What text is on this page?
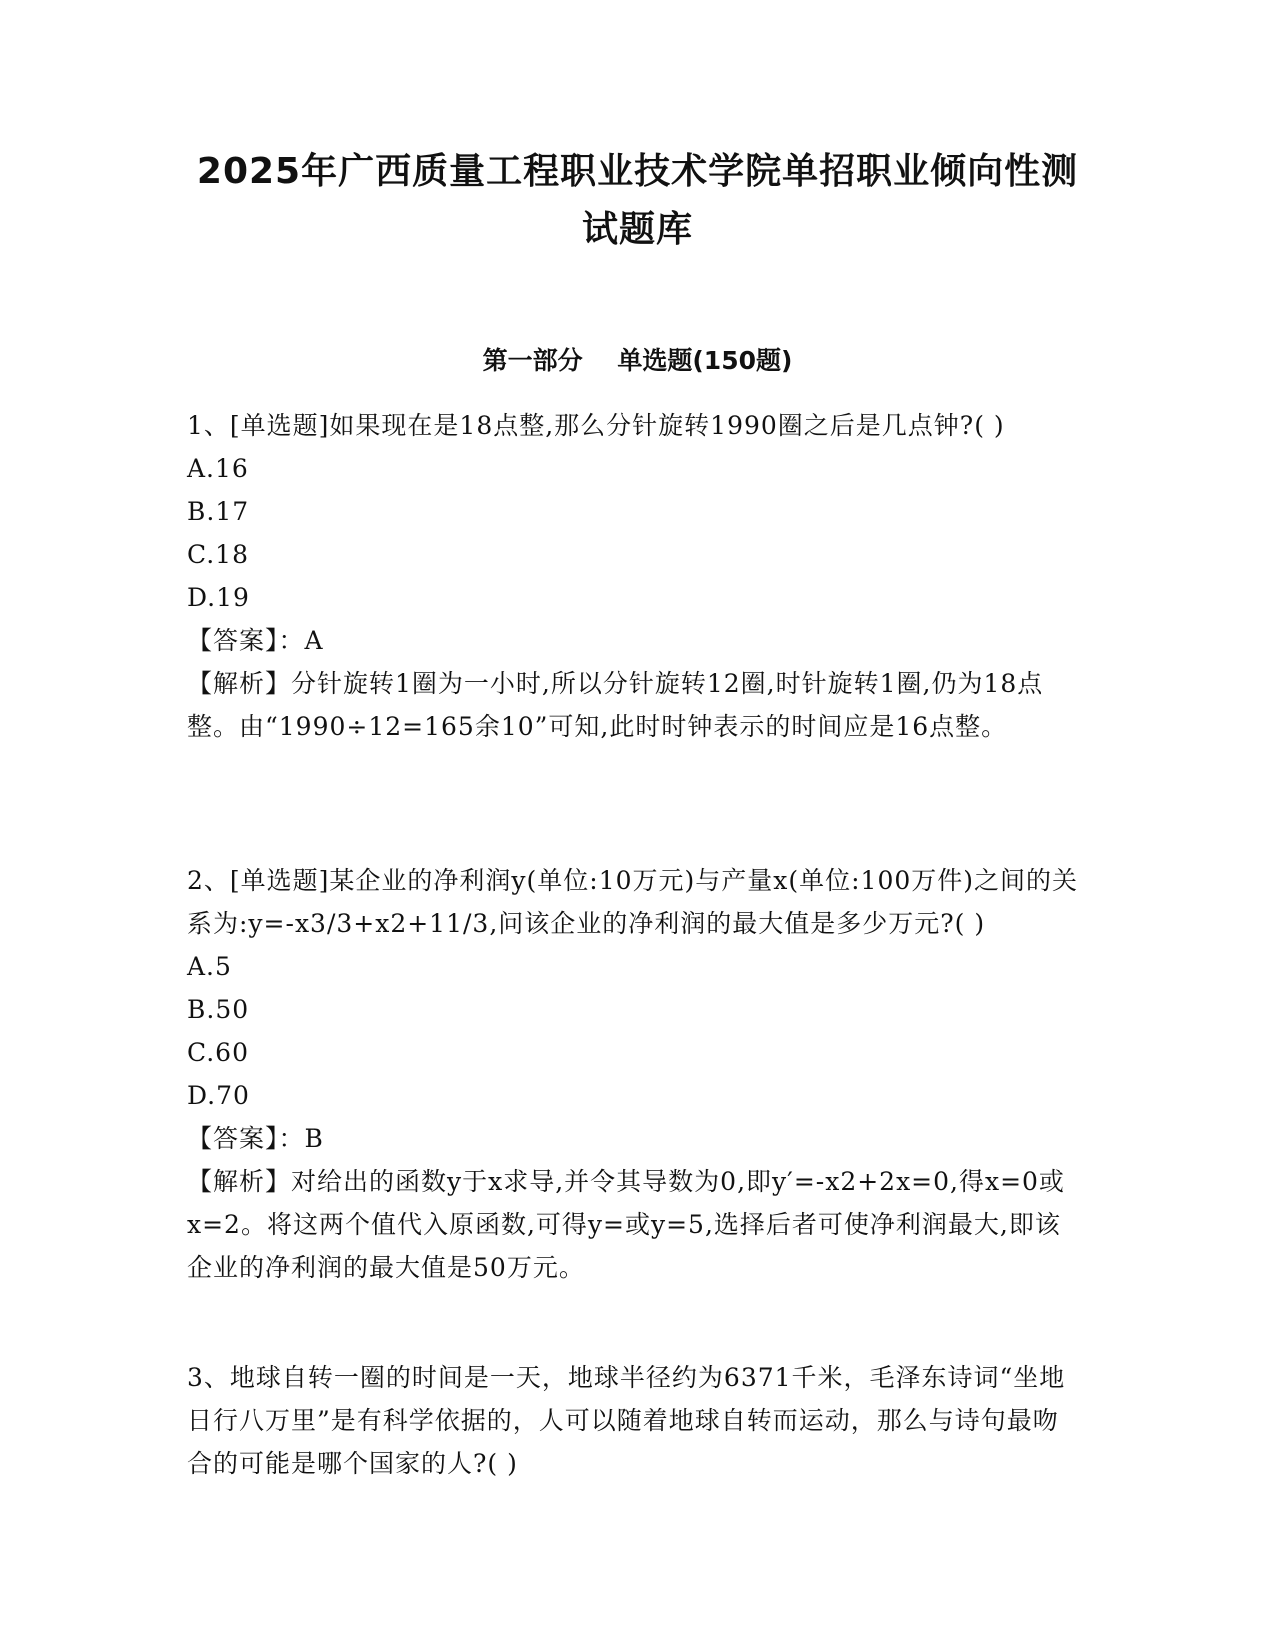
2025年广西质量工程职业技术学院单招职业倾向性测
试题库
第一部分    单选题(150题)

1、[单选题]如果现在是18点整,那么分针旋转1990圈之后是几点钟?( )

A.16

B.17

C.18

D.19

【答案】：A

【解析】分针旋转1圈为一小时,所以分针旋转12圈,时针旋转1圈,仍为18点整。由“1990÷12=165余10”可知,此时时钟表示的时间应是16点整。

2、[单选题]某企业的净利润y(单位:10万元)与产量x(单位:100万件)之间的关系为:y=-x3/3+x2+11/3,问该企业的净利润的最大值是多少万元?( )

A.5

B.50

C.60

D.70

【答案】：B

【解析】对给出的函数y于x求导,并令其导数为0,即y′=-x2+2x=0,得x=0或x=2。将这两个值代入原函数,可得y=或y=5,选择后者可使净利润最大,即该企业的净利润的最大值是50万元。

3、地球自转一圈的时间是一天，地球半径约为6371千米，毛泽东诗词“坐地日行八万里”是有科学依据的，人可以随着地球自转而运动，那么与诗句最吻合的可能是哪个国家的人?( )
